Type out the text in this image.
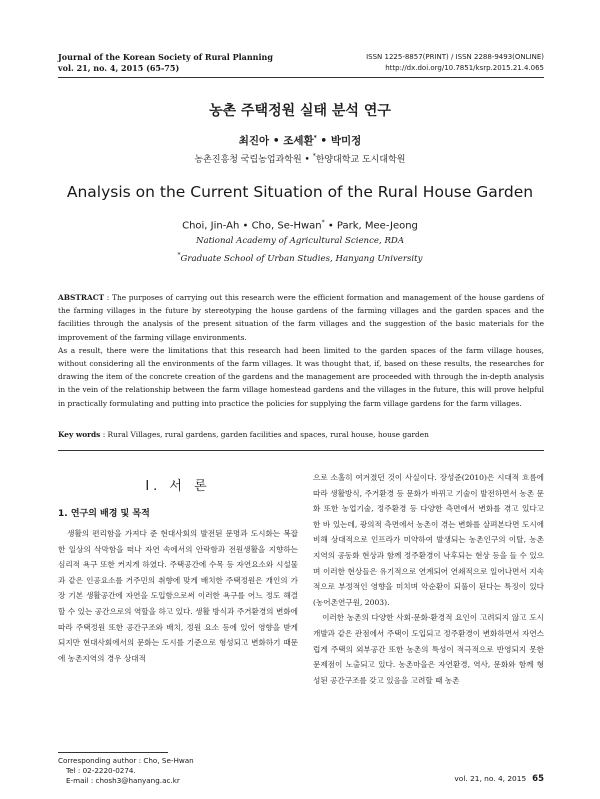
Journal of the Korean Society of Rural Planning
vol. 21, no. 4, 2015 (65-75)
ISSN 1225-8857(PRINT) / ISSN 2288-9493(ONLINE)
http://dx.doi.org/10.7851/ksrp.2015.21.4.065
농촌 주택정원 실태 분석 연구
최진아 • 조세환* • 박미정
농촌진흥청 국립농업과학원 • *한양대학교 도시대학원
Analysis on the Current Situation of the Rural House Garden
Choi, Jin-Ah • Cho, Se-Hwan* • Park, Mee-Jeong
National Academy of Agricultural Science, RDA
*Graduate School of Urban Studies, Hanyang University

ABSTRACT : The purposes of carrying out this research were the efficient formation and management of the house gardens of the farming villages in the future by stereotyping the house gardens of the farming villages and the garden spaces and the facilities through the analysis of the present situation of the farm villages and the suggestion of the basic materials for the improvement of the farming village environments.

As a result, there were the limitations that this research had been limited to the garden spaces of the farm village houses, without considering all the environments of the farm villages. It was thought that, if, based on these results, the researches for drawing the item of the concrete creation of the gardens and the management are proceeded with through the in-depth analysis in the vein of the relationship between the farm village homestead gardens and the villages in the future, this will prove helpful in practically formulating and putting into practice the policies for supplying the farm village gardens for the farm villages.

Key words : Rural Villages, rural gardens, garden facilities and spaces, rural house, house garden
I. 서 론
1. 연구의 배경 및 목적

생활의 편리함을 가져다 준 현대사회의 발전된 문명과 도시화는 복잡한 일상의 삭막함을 떠나 자연 속에서의 안락함과 전원생활을 지향하는 심리적 욕구 또한 커지게 하였다. 주택공간에 수목 등 자연요소와 시설물과 같은 인공요소를 거주민의 취향에 맞게 배치한 주택정원은 개인의 가장 기본 생활공간에 자연을 도입함으로써 이러한 욕구를 어느 정도 해결할 수 있는 공간으로의 역할을 하고 있다. 생활 방식과 주거환경의 변화에 따라 주택정원 또한 공간구조와 배치, 정원 요소 등에 있어 영향을 받게 되지만 현대사회에서의 문화는 도시를 기준으로 형성되고 변화하기 때문에 농촌지역의 경우 상대적

으로 소홀히 여겨졌던 것이 사실이다. 장성준(2010)은 시대적 흐름에 따라 생활방식, 주거환경 등 문화가 바뀌고 기술이 발전하면서 농촌 문화 또한 농업기술, 정주환경 등 다양한 측면에서 변화를 겪고 있다고 한 바 있는데, 광의적 측면에서 농촌이 겪는 변화를 살펴본다면 도시에 비해 상대적으로 인프라가 미약하여 발생되는 농촌인구의 이탈, 농촌지역의 공동화 현상과 함께 정주환경이 낙후되는 현상 등을 들 수 있으며 이러한 현상들은 유기적으로 연계되어 연쇄적으로 일어나면서 지속적으로 부정적인 영향을 미치며 악순환이 되풀이 된다는 특징이 있다(농어촌연구원, 2003).

이러한 농촌의 다양한 사회·문화·환경적 요인이 고려되지 않고 도시개발과 같은 관점에서 주택이 도입되고 정주환경이 변화하면서 자연스럽게 주택의 외부공간 또한 농촌의 특성이 적극적으로 반영되지 못한 문제점이 노출되고 있다. 농촌마을은 자연환경, 역사, 문화와 함께 형성된 공간구조를 갖고 있음을 고려할 때 농촌

Corresponding author : Cho, Se-Hwan
Tel : 02-2220-0274.
E-mail : chosh3@hanyang.ac.kr	vol. 21, no. 4, 2015 65
